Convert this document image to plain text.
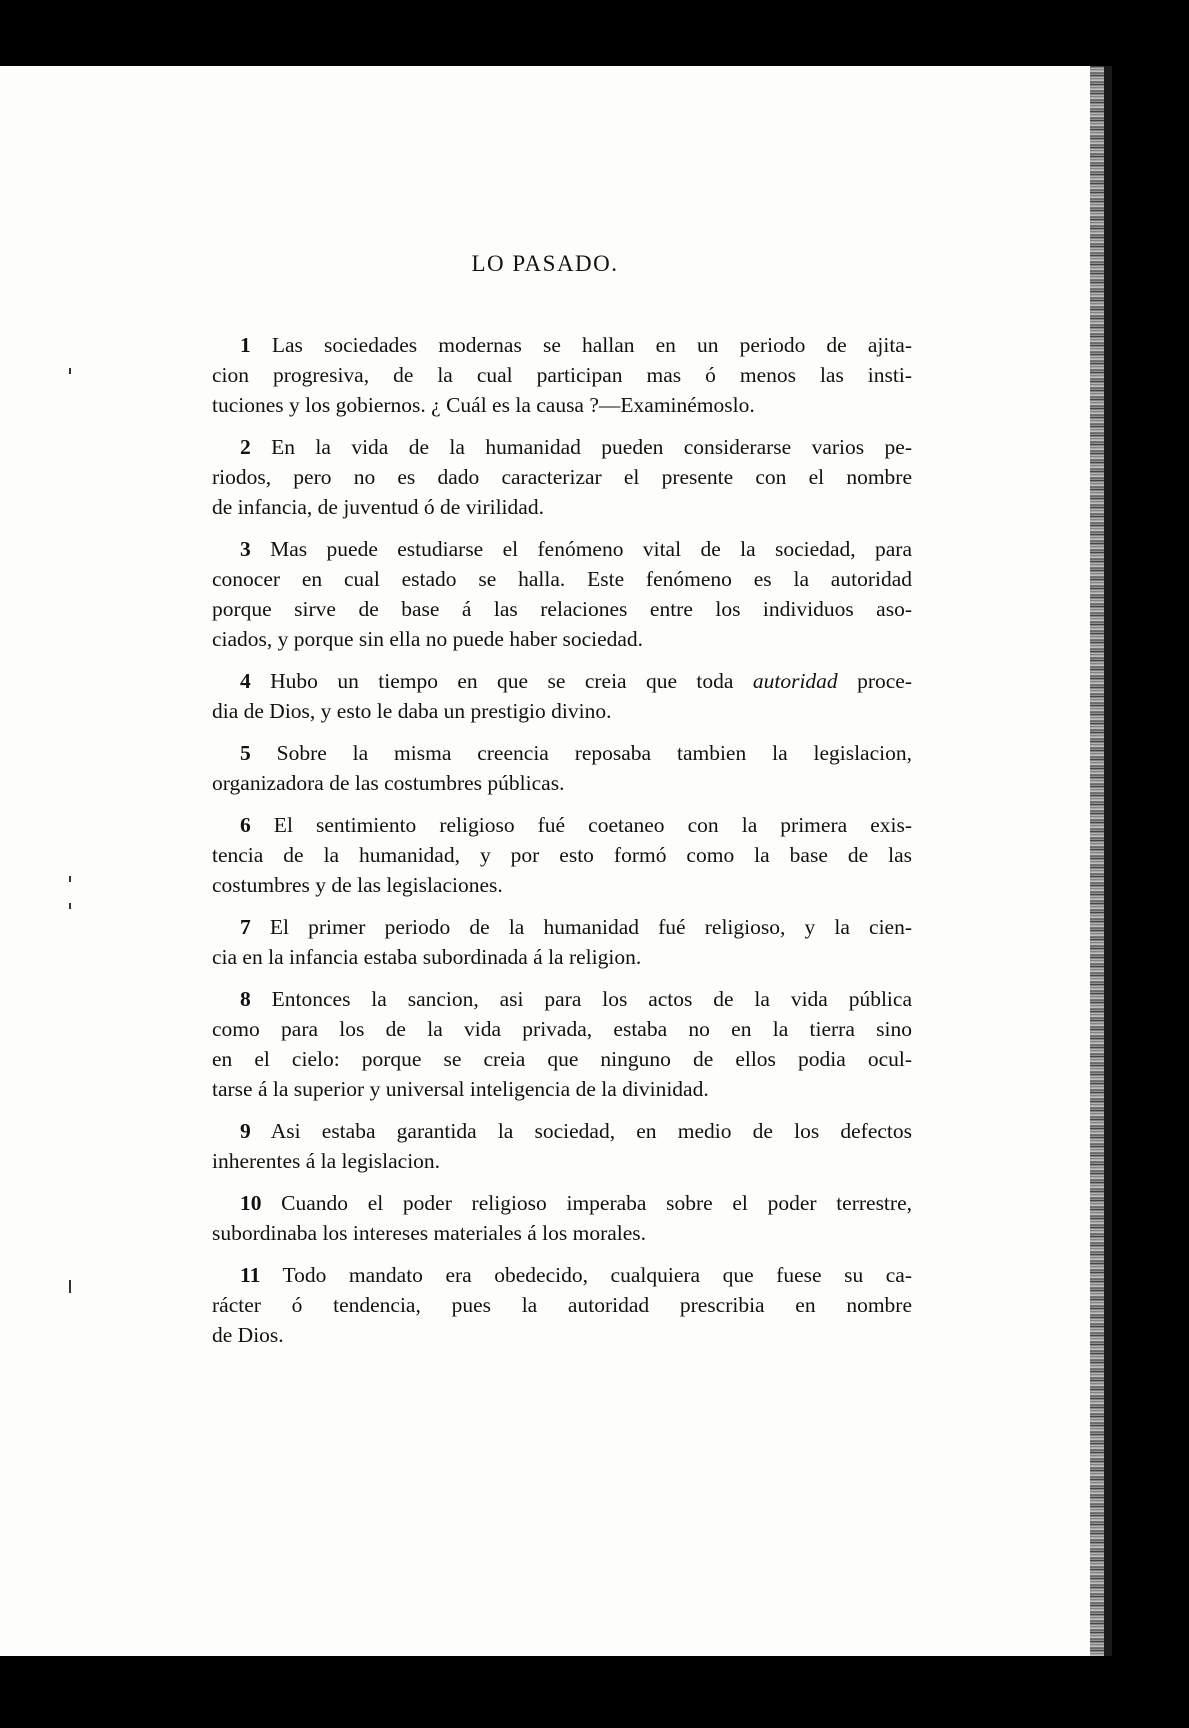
LO PASADO.
1 Las sociedades modernas se hallan en un periodo de ajita-
cion progresiva, de la cual participan mas ó menos las insti-
tuciones y los gobiernos. ¿ Cuál es la causa ?—Examinémoslo.
2 En la vida de la humanidad pueden considerarse varios pe-
riodos, pero no es dado caracterizar el presente con el nombre
de infancia, de juventud ó de virilidad.
3 Mas puede estudiarse el fenómeno vital de la sociedad, para
conocer en cual estado se halla. Este fenómeno es la autoridad
porque sirve de base á las relaciones entre los individuos aso-
ciados, y porque sin ella no puede haber sociedad.
4 Hubo un tiempo en que se creia que toda autoridad proce-
dia de Dios, y esto le daba un prestigio divino.
5 Sobre la misma creencia reposaba tambien la legislacion,
organizadora de las costumbres públicas.
6 El sentimiento religioso fué coetaneo con la primera exis-
tencia de la humanidad, y por esto formó como la base de las
costumbres y de las legislaciones.
7 El primer periodo de la humanidad fué religioso, y la cien-
cia en la infancia estaba subordinada á la religion.
8 Entonces la sancion, asi para los actos de la vida pública
como para los de la vida privada, estaba no en la tierra sino
en el cielo: porque se creia que ninguno de ellos podia ocul-
tarse á la superior y universal inteligencia de la divinidad.
9 Asi estaba garantida la sociedad, en medio de los defectos
inherentes á la legislacion.
10 Cuando el poder religioso imperaba sobre el poder terrestre,
subordinaba los intereses materiales á los morales.
11 Todo mandato era obedecido, cualquiera que fuese su ca-
rácter ó tendencia, pues la autoridad prescribia en nombre
de Dios.
